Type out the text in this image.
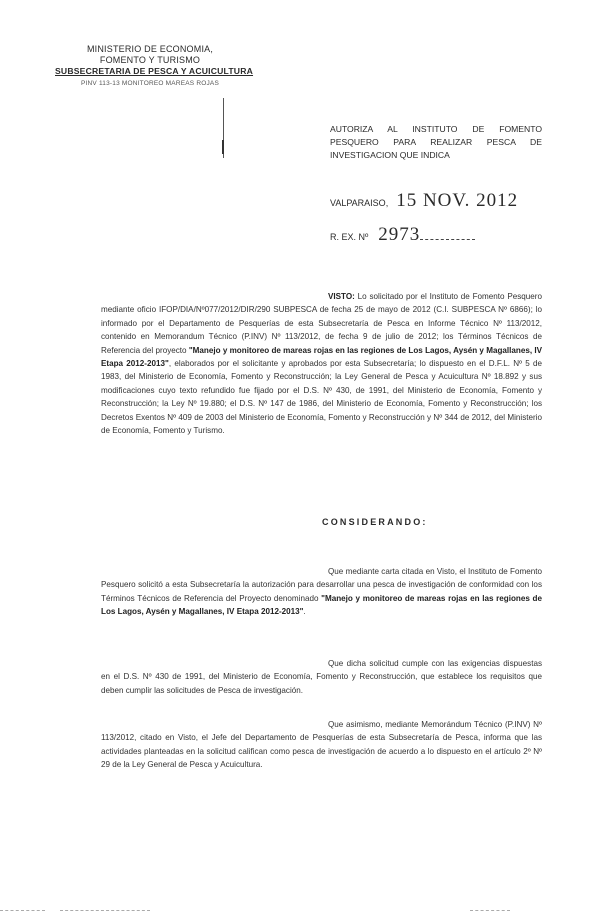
MINISTERIO DE ECONOMIA,
FOMENTO Y TURISMO
SUBSECRETARIA DE PESCA Y ACUICULTURA
PINV 113-13 MONITOREO MAREAS ROJAS
AUTORIZA AL INSTITUTO DE FOMENTO PESQUERO PARA REALIZAR PESCA DE INVESTIGACION QUE INDICA
VALPARAISO, 15 NOV. 2012
R. EX. Nº 2973
VISTO: Lo solicitado por el Instituto de Fomento Pesquero mediante oficio IFOP/DIA/Nº077/2012/DIR/290 SUBPESCA de fecha 25 de mayo de 2012 (C.I. SUBPESCA Nº 6866); lo informado por el Departamento de Pesquerías de esta Subsecretaría de Pesca en Informe Técnico Nº 113/2012, contenido en Memorandum Técnico (P.INV) Nº 113/2012, de fecha 9 de julio de 2012; los Términos Técnicos de Referencia del proyecto "Manejo y monitoreo de mareas rojas en las regiones de Los Lagos, Aysén y Magallanes, IV Etapa 2012-2013", elaborados por el solicitante y aprobados por esta Subsecretaría; lo dispuesto en el D.F.L. Nº 5 de 1983, del Ministerio de Economía, Fomento y Reconstrucción; la Ley General de Pesca y Acuicultura Nº 18.892 y sus modificaciones cuyo texto refundido fue fijado por el D.S. Nº 430, de 1991, del Ministerio de Economía, Fomento y Reconstrucción; la Ley Nº 19.880; el D.S. Nº 147 de 1986, del Ministerio de Economía, Fomento y Reconstrucción; los Decretos Exentos Nº 409 de 2003 del Ministerio de Economía, Fomento y Reconstrucción y Nº 344 de 2012, del Ministerio de Economía, Fomento y Turismo.
CONSIDERANDO:
Que mediante carta citada en Visto, el Instituto de Fomento Pesquero solicitó a esta Subsecretaría la autorización para desarrollar una pesca de investigación de conformidad con los Términos Técnicos de Referencia del Proyecto denominado "Manejo y monitoreo de mareas rojas en las regiones de Los Lagos, Aysén y Magallanes, IV Etapa 2012-2013".
Que dicha solicitud cumple con las exigencias dispuestas en el D.S. Nº 430 de 1991, del Ministerio de Economía, Fomento y Reconstrucción, que establece los requisitos que deben cumplir las solicitudes de Pesca de investigación.
Que asimismo, mediante Memorándum Técnico (P.INV) Nº 113/2012, citado en Visto, el Jefe del Departamento de Pesquerías de esta Subsecretaría de Pesca, informa que las actividades planteadas en la solicitud califican como pesca de investigación de acuerdo a lo dispuesto en el artículo 2º Nº 29 de la Ley General de Pesca y Acuicultura.
